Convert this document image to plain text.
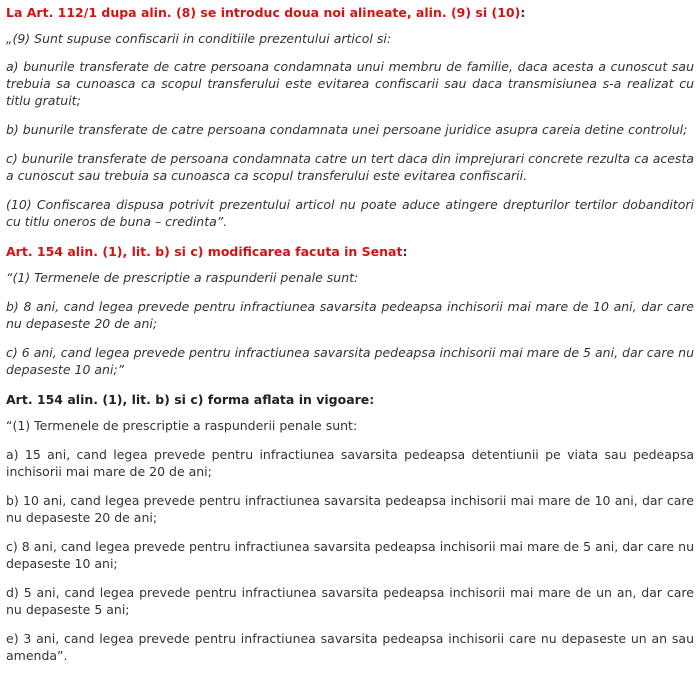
La Art. 112/1 dupa alin. (8) se introduc doua noi alineate, alin. (9) si (10):

„(9) Sunt supuse confiscarii in conditiile prezentului articol si:

a) bunurile transferate de catre persoana condamnata unui membru de familie, daca acesta a cunoscut sau trebuia sa cunoasca ca scopul transferului este evitarea confiscarii sau daca transmisiunea s-a realizat cu titlu gratuit;

b) bunurile transferate de catre persoana condamnata unei persoane juridice asupra careia detine controlul;

c) bunurile transferate de persoana condamnata catre un tert daca din imprejurari concrete rezulta ca acesta a cunoscut sau trebuia sa cunoasca ca scopul transferului este evitarea confiscarii.

(10) Confiscarea dispusa potrivit prezentului articol nu poate aduce atingere drepturilor tertilor dobanditori cu titlu oneros de buna – credinta”.

Art. 154 alin. (1), lit. b) si c) modificarea facuta in Senat:

“(1) Termenele de prescriptie a raspunderii penale sunt:

b) 8 ani, cand legea prevede pentru infractiunea savarsita pedeapsa inchisorii mai mare de 10 ani, dar care nu depaseste 20 de ani;

c) 6 ani, cand legea prevede pentru infractiunea savarsita pedeapsa inchisorii mai mare de 5 ani, dar care nu depaseste 10 ani;”

Art. 154 alin. (1), lit. b) si c) forma aflata in vigoare:

“(1) Termenele de prescriptie a raspunderii penale sunt:

a) 15 ani, cand legea prevede pentru infractiunea savarsita pedeapsa detentiunii pe viata sau pedeapsa inchisorii mai mare de 20 de ani;

b) 10 ani, cand legea prevede pentru infractiunea savarsita pedeapsa inchisorii mai mare de 10 ani, dar care nu depaseste 20 de ani;

c) 8 ani, cand legea prevede pentru infractiunea savarsita pedeapsa inchisorii mai mare de 5 ani, dar care nu depaseste 10 ani;

d) 5 ani, cand legea prevede pentru infractiunea savarsita pedeapsa inchisorii mai mare de un an, dar care nu depaseste 5 ani;

e) 3 ani, cand legea prevede pentru infractiunea savarsita pedeapsa inchisorii care nu depaseste un an sau amenda”.
